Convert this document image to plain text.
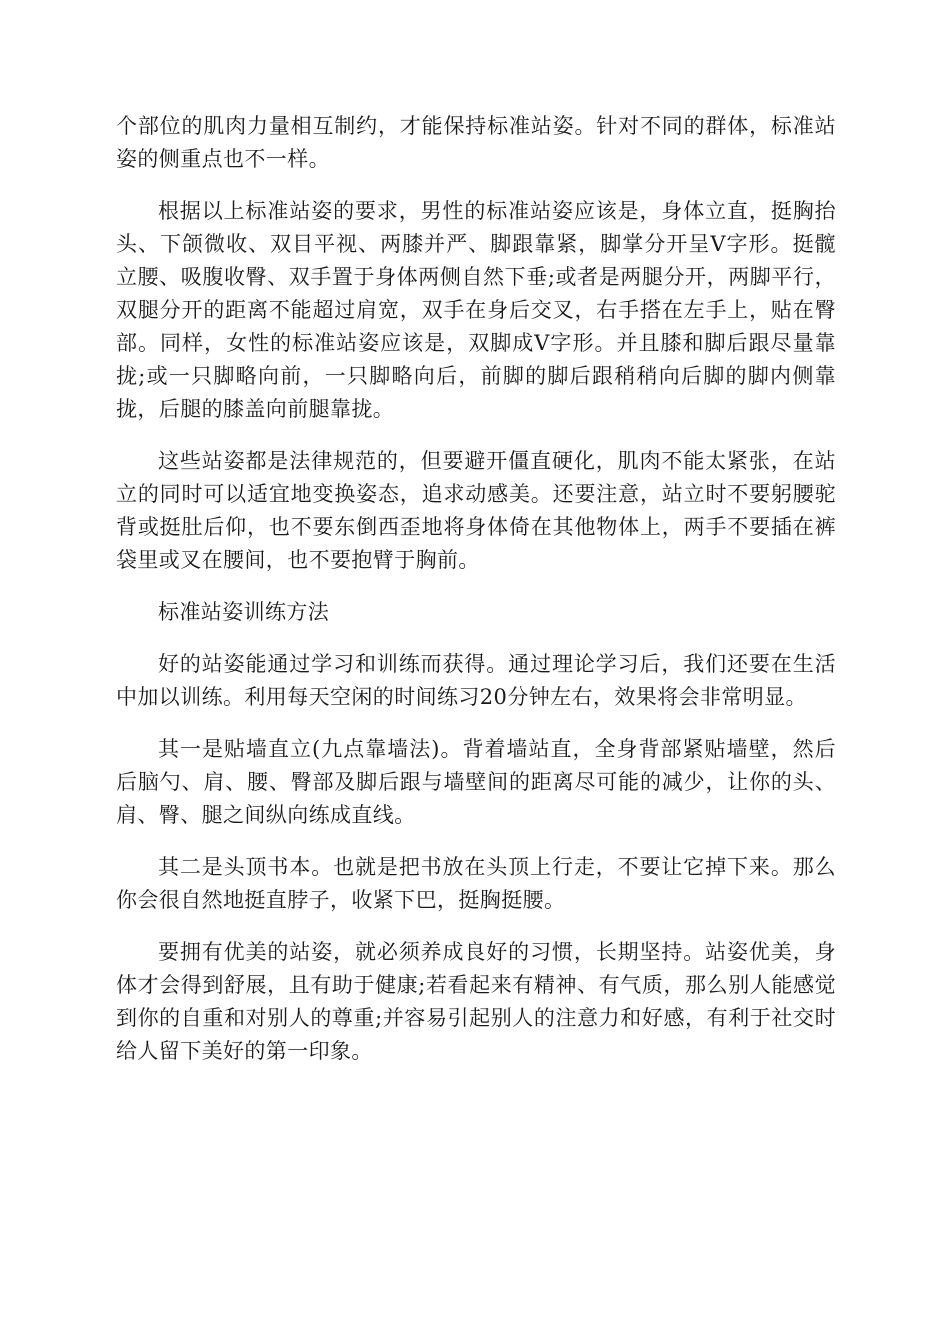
个部位的肌肉力量相互制约，才能保持标准站姿。针对不同的群体，标准站姿的侧重点也不一样。

根据以上标准站姿的要求，男性的标准站姿应该是，身体立直，挺胸抬头、下颌微收、双目平视、两膝并严、脚跟靠紧，脚掌分开呈V字形。挺髋立腰、吸腹收臀、双手置于身体两侧自然下垂;或者是两腿分开，两脚平行，双腿分开的距离不能超过肩宽，双手在身后交叉，右手搭在左手上，贴在臀部。同样，女性的标准站姿应该是，双脚成V字形。并且膝和脚后跟尽量靠拢;或一只脚略向前，一只脚略向后，前脚的脚后跟稍稍向后脚的脚内侧靠拢，后腿的膝盖向前腿靠拢。

这些站姿都是法律规范的，但要避开僵直硬化，肌肉不能太紧张，在站立的同时可以适宜地变换姿态，追求动感美。还要注意，站立时不要躬腰驼背或挺肚后仰，也不要东倒西歪地将身体倚在其他物体上，两手不要插在裤袋里或叉在腰间，也不要抱臂于胸前。

标准站姿训练方法

好的站姿能通过学习和训练而获得。通过理论学习后，我们还要在生活中加以训练。利用每天空闲的时间练习20分钟左右，效果将会非常明显。

其一是贴墙直立(九点靠墙法)。背着墙站直，全身背部紧贴墙壁，然后后脑勺、肩、腰、臀部及脚后跟与墙壁间的距离尽可能的减少，让你的头、肩、臀、腿之间纵向练成直线。

其二是头顶书本。也就是把书放在头顶上行走，不要让它掉下来。那么你会很自然地挺直脖子，收紧下巴，挺胸挺腰。

要拥有优美的站姿，就必须养成良好的习惯，长期坚持。站姿优美，身体才会得到舒展，且有助于健康;若看起来有精神、有气质，那么别人能感觉到你的自重和对别人的尊重;并容易引起别人的注意力和好感，有利于社交时给人留下美好的第一印象。
